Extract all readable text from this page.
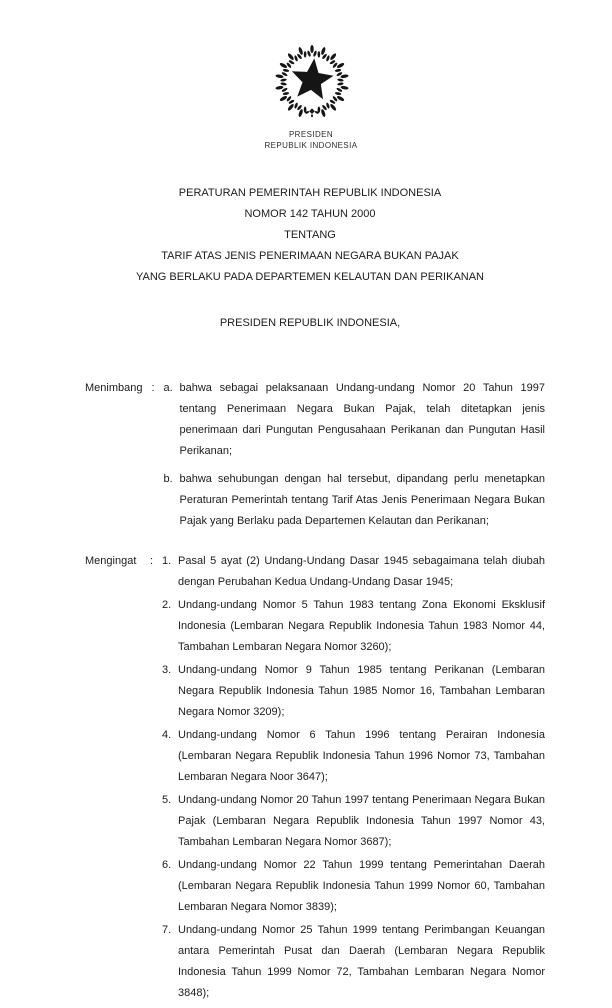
PRESIDEN
REPUBLIK INDONESIA
PERATURAN PEMERINTAH REPUBLIK INDONESIA
NOMOR 142 TAHUN 2000
TENTANG
TARIF ATAS JENIS PENERIMAAN NEGARA BUKAN PAJAK
YANG BERLAKU PADA DEPARTEMEN KELAUTAN DAN PERIKANAN
PRESIDEN REPUBLIK INDONESIA,
Menimbang : a. bahwa sebagai pelaksanaan Undang-undang Nomor 20 Tahun 1997 tentang Penerimaan Negara Bukan Pajak, telah ditetapkan jenis penerimaan dari Pungutan Pengusahaan Perikanan dan Pungutan Hasil Perikanan;
b. bahwa sehubungan dengan hal tersebut, dipandang perlu menetapkan Peraturan Pemerintah tentang Tarif Atas Jenis Penerimaan Negara Bukan Pajak yang Berlaku pada Departemen Kelautan dan Perikanan;
Mengingat	: 1. Pasal 5 ayat (2) Undang-Undang Dasar 1945 sebagaimana telah diubah dengan Perubahan Kedua Undang-Undang Dasar 1945;
2. Undang-undang Nomor 5 Tahun 1983 tentang Zona Ekonomi Eksklusif Indonesia (Lembaran Negara Republik Indonesia Tahun 1983 Nomor 44, Tambahan Lembaran Negara Nomor 3260);
3. Undang-undang Nomor 9 Tahun 1985 tentang Perikanan (Lembaran Negara Republik Indonesia Tahun 1985 Nomor 16, Tambahan Lembaran Negara Nomor 3209);
4. Undang-undang Nomor 6 Tahun 1996 tentang Perairan Indonesia (Lembaran Negara Republik Indonesia Tahun 1996 Nomor 73, Tambahan Lembaran Negara Noor 3647);
5. Undang-undang Nomor 20 Tahun 1997 tentang Penerimaan Negara Bukan Pajak (Lembaran Negara Republik Indonesia Tahun 1997 Nomor 43, Tambahan Lembaran Negara Nomor 3687);
6. Undang-undang Nomor 22 Tahun 1999 tentang Pemerintahan Daerah (Lembaran Negara Republik Indonesia Tahun 1999 Nomor 60, Tambahan Lembaran Negara Nomor 3839);
7. Undang-undang Nomor 25 Tahun 1999 tentang Perimbangan Keuangan antara Pemerintah Pusat dan Daerah (Lembaran Negara Republik Indonesia Tahun 1999 Nomor 72, Tambahan Lembaran Negara Nomor 3848);
